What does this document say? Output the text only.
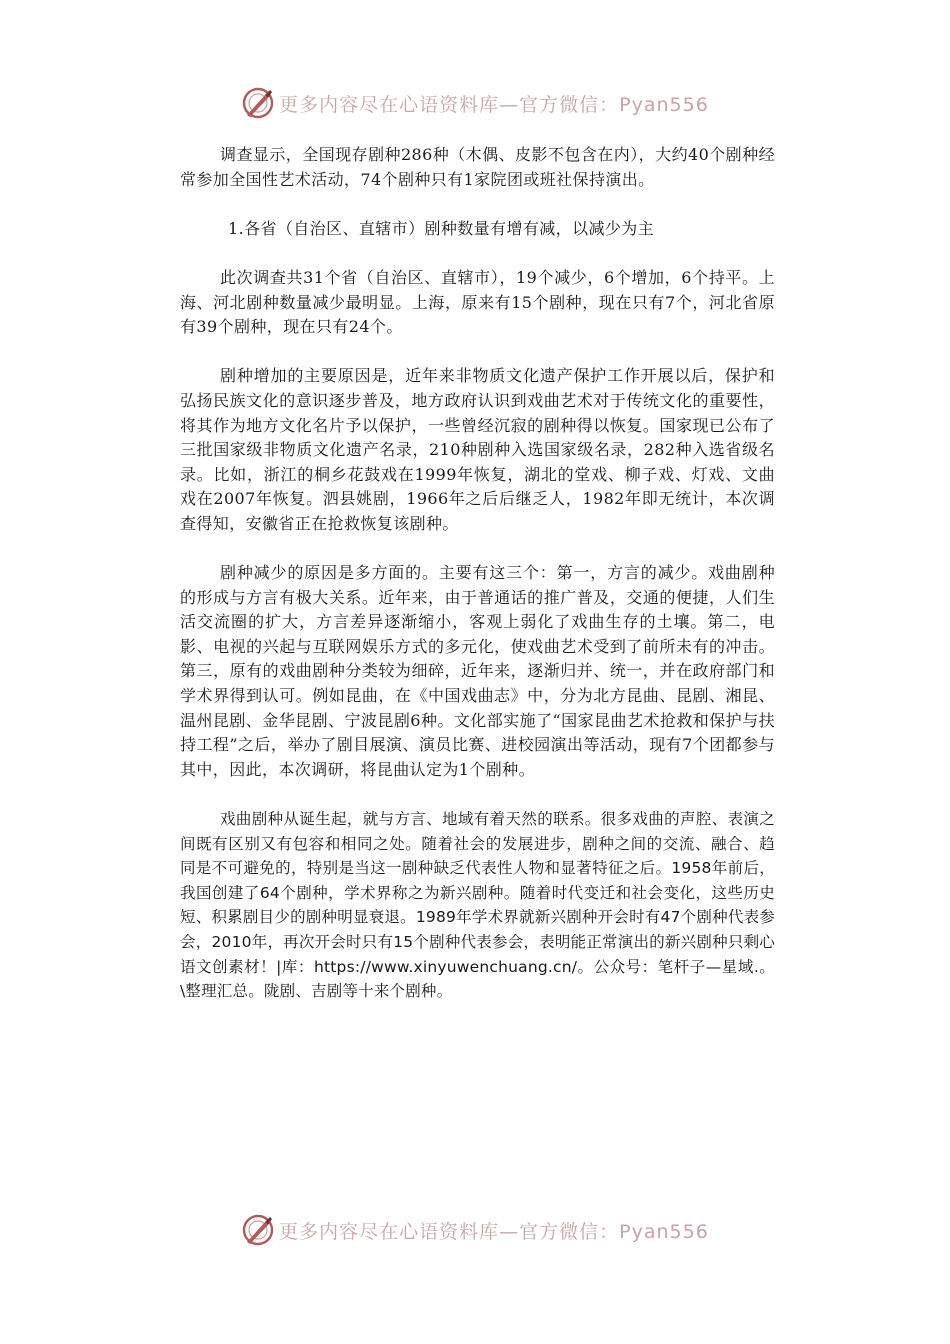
更多内容尽在心语资料库—官方微信：Pyan556

调查显示，全国现存剧种286种（木偶、皮影不包含在内），大约40个剧种经常参加全国性艺术活动，74个剧种只有1家院团或班社保持演出。

1.各省（自治区、直辖市）剧种数量有增有减，以减少为主

此次调查共31个省（自治区、直辖市），19个减少，6个增加，6个持平。上海、河北剧种数量减少最明显。上海，原来有15个剧种，现在只有7个，河北省原有39个剧种，现在只有24个。

剧种增加的主要原因是，近年来非物质文化遗产保护工作开展以后，保护和弘扬民族文化的意识逐步普及，地方政府认识到戏曲艺术对于传统文化的重要性，将其作为地方文化名片予以保护，一些曾经沉寂的剧种得以恢复。国家现已公布了三批国家级非物质文化遗产名录，210种剧种入选国家级名录，282种入选省级名录。比如，浙江的桐乡花鼓戏在1999年恢复，湖北的堂戏、柳子戏、灯戏、文曲戏在2007年恢复。泗县姚剧，1966年之后后继乏人，1982年即无统计，本次调查得知，安徽省正在抢救恢复该剧种。

剧种减少的原因是多方面的。主要有这三个：第一，方言的减少。戏曲剧种的形成与方言有极大关系。近年来，由于普通话的推广普及，交通的便捷，人们生活交流圈的扩大，方言差异逐渐缩小，客观上弱化了戏曲生存的土壤。第二，电影、电视的兴起与互联网娱乐方式的多元化，使戏曲艺术受到了前所未有的冲击。第三，原有的戏曲剧种分类较为细碎，近年来，逐渐归并、统一，并在政府部门和学术界得到认可。例如昆曲，在《中国戏曲志》中，分为北方昆曲、昆剧、湘昆、温州昆剧、金华昆剧、宁波昆剧6种。文化部实施了“国家昆曲艺术抢救和保护与扶持工程”之后，举办了剧目展演、演员比赛、进校园演出等活动，现有7个团都参与其中，因此，本次调研，将昆曲认定为1个剧种。

戏曲剧种从诞生起，就与方言、地域有着天然的联系。很多戏曲的声腔、表演之间既有区别又有包容和相同之处。随着社会的发展进步，剧种之间的交流、融合、趋同是不可避免的，特别是当这一剧种缺乏代表性人物和显著特征之后。1958年前后，我国创建了64个剧种，学术界称之为新兴剧种。随着时代变迁和社会变化，这些历史短、积累剧目少的剧种明显衰退。1989年学术界就新兴剧种开会时有47个剧种代表参会，2010年，再次开会时只有15个剧种代表参会，表明能正常演出的新兴剧种只剩心语文创素材！|库：https://www.xinyuwenchuang.cn/。公众号：笔杆子—星域.。\整理汇总。陇剧、吉剧等十来个剧种。

更多内容尽在心语资料库—官方微信：Pyan556
